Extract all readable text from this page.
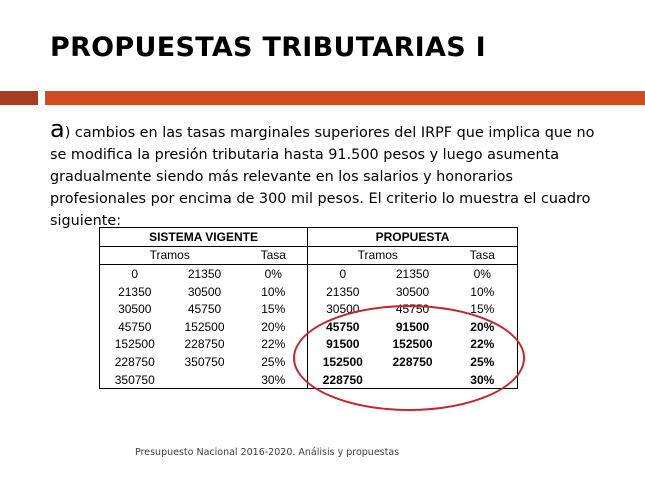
PROPUESTAS TRIBUTARIAS I
a) cambios en las tasas marginales superiores del IRPF que implica que no se modifica la presión tributaria hasta 91.500 pesos y luego asumenta gradualmente siendo más relevante en los salarios y honorarios profesionales por encima de 300 mil pesos. El criterio lo muestra el cuadro siguiente:
SISTEMA VIGENTE			PROPUESTA		
Tramos		Tasa	Tramos		Tasa
0	21350	0%	0	21350	0%
21350	30500	10%	21350	30500	10%
30500	45750	15%	30500	45750	15%
45750	152500	20%	45750	91500	20%
152500	228750	22%	91500	152500	22%
228750	350750	25%	152500	228750	25%
350750		30%	228750		30%
Presupuesto Nacional 2016-2020. Análisis y propuestas
